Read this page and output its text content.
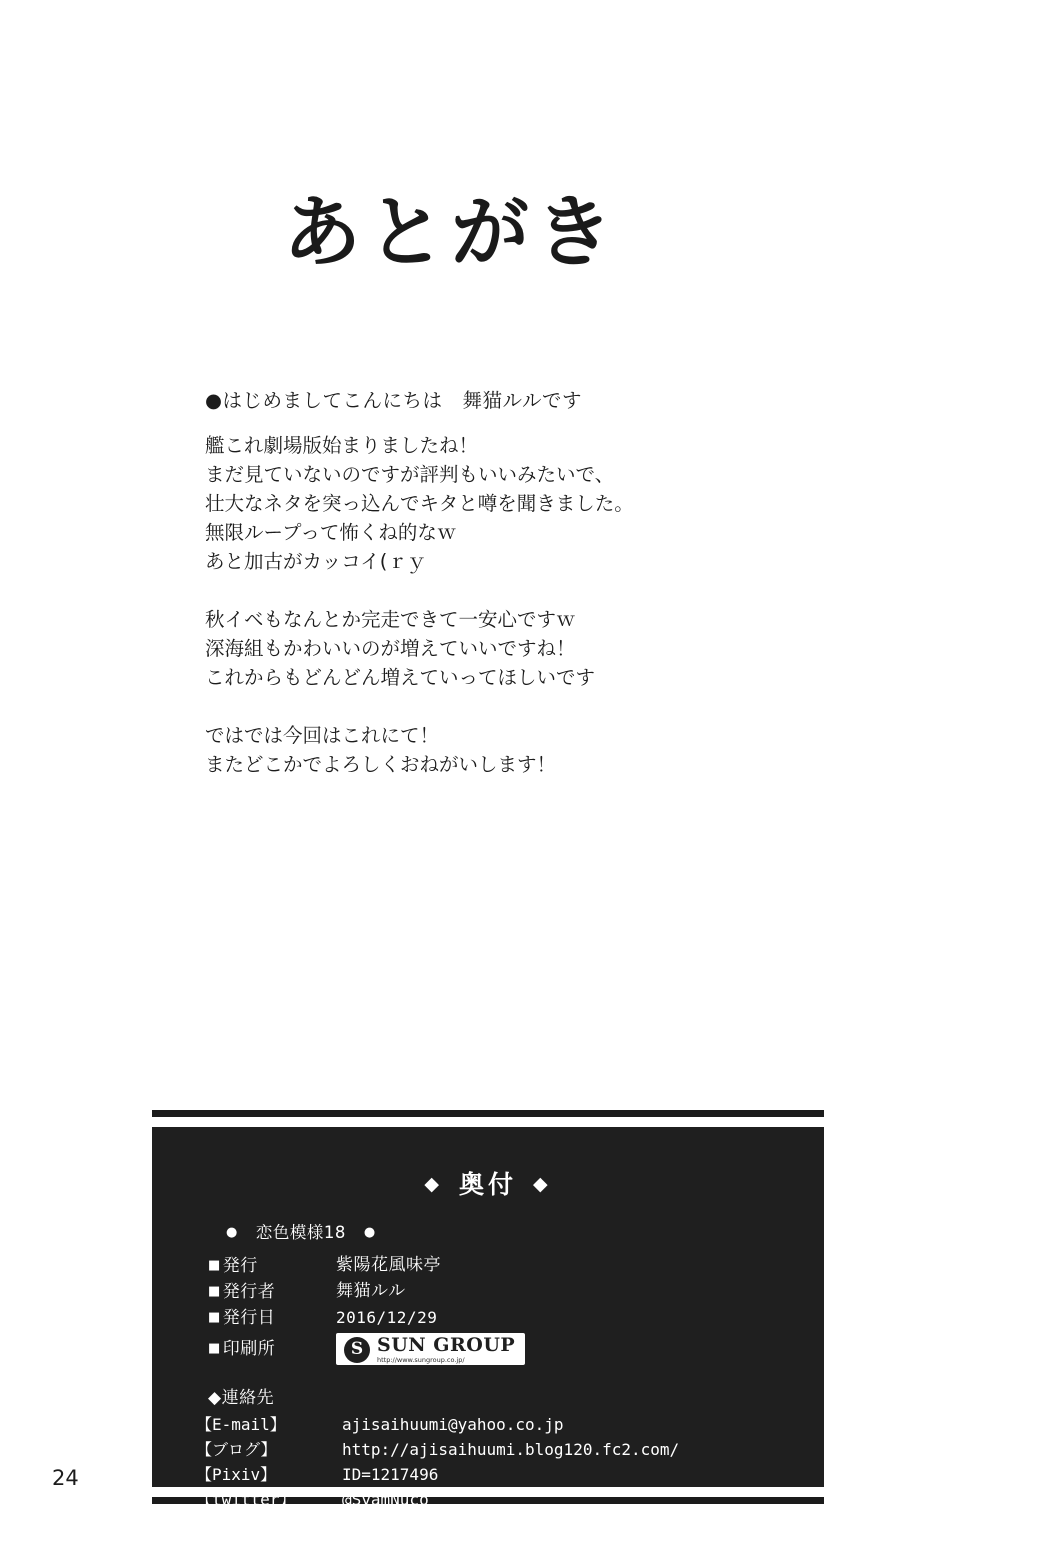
あとがき

●はじめましてこんにちは　舞猫ルルです

艦これ劇場版始まりましたね！

まだ見ていないのですが評判もいいみたいで、

壮大なネタを突っ込んでキタと噂を聞きました。

無限ループって怖くね的なｗ

あと加古がカッコイ(ｒｙ

秋イベもなんとか完走できて一安心ですｗ

深海組もかわいいのが増えていいですね！

これからもどんどん増えていってほしいです

ではでは今回はこれにて！

またどこかでよろしくおねがいします！

◆ 奥付 ◆
● 恋色模様18 ●
■ 発行	紫陽花風味亭
■ 発行者	舞猫ルル
■ 発行日	2016/12/29
■ 印刷所	S SUN GROUP
http://www.sungroup.co.jp/
◆連絡先
【E-mail】	ajisaihuumi@yahoo.co.jp
【ブログ】	http://ajisaihuumi.blog120.fc2.com/
【Pixiv】	ID=1217496
【twitter】	@SyamNuco
【ニコ生コミュ】	co230976
24
